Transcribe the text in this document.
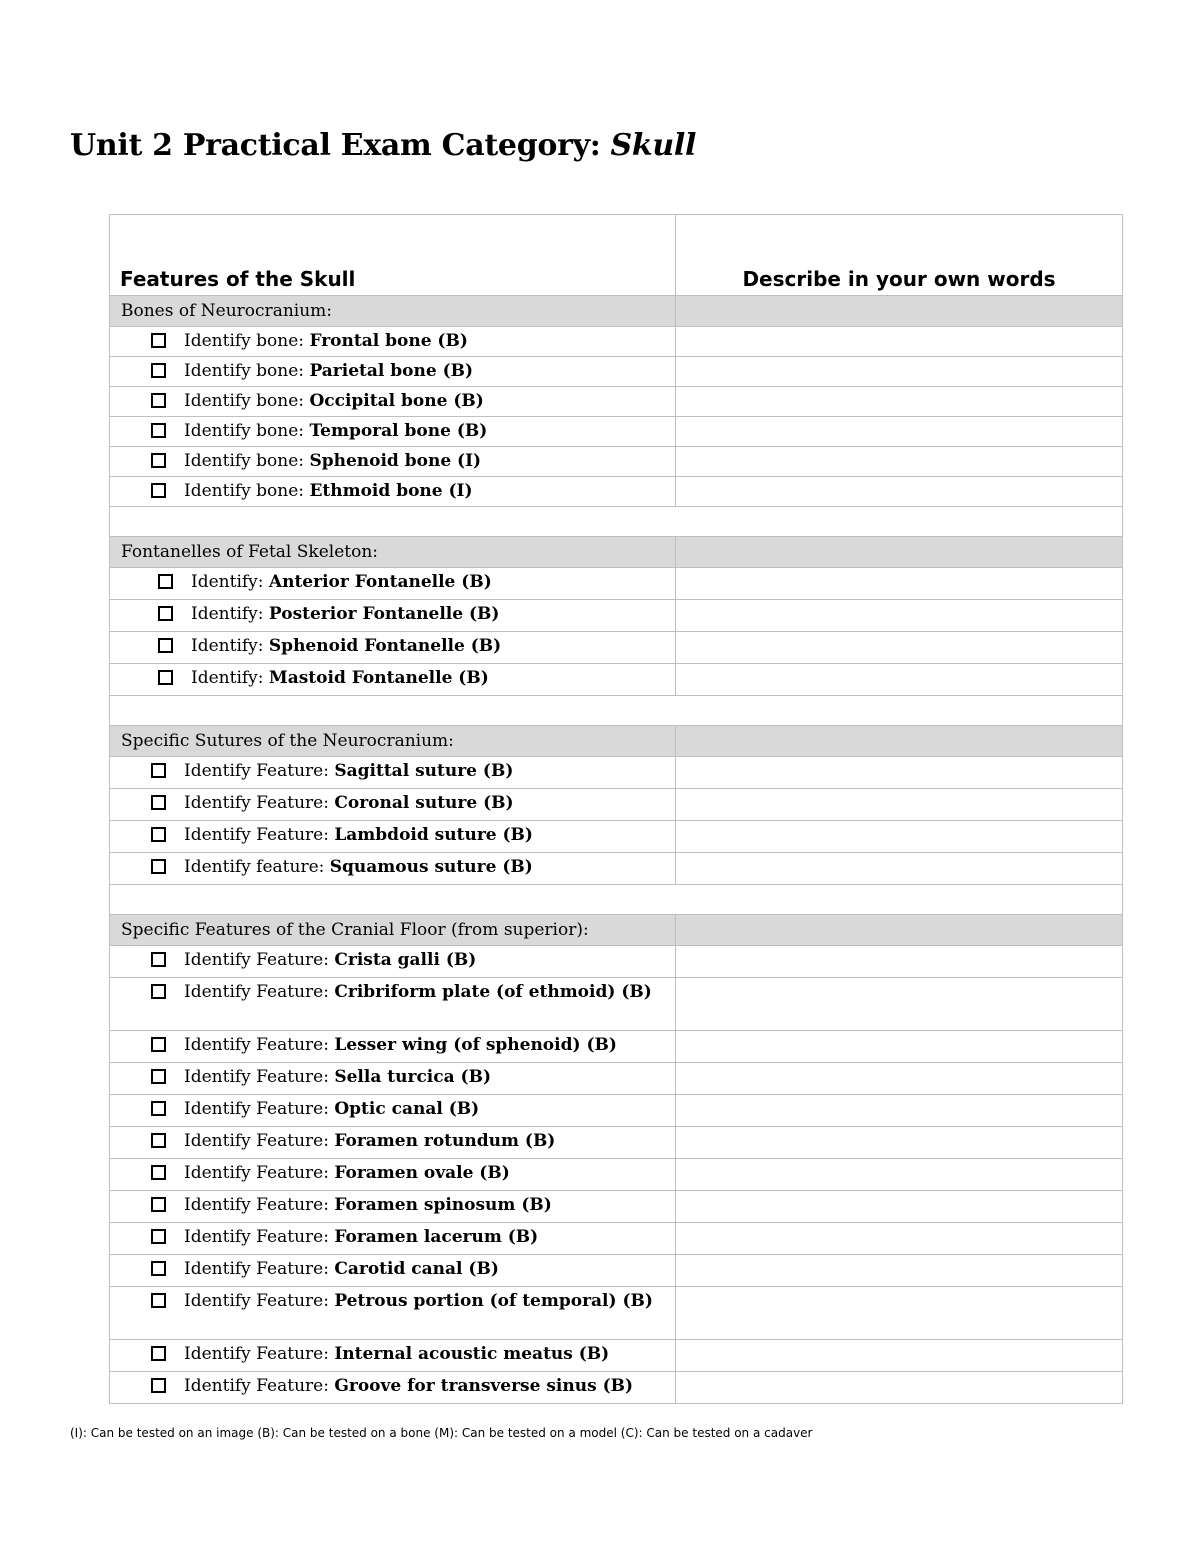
Unit 2 Practical Exam Category: Skull
Features of the Skull	Describe in your own words

Bones of Neurocranium:	

Identify bone: Frontal bone (B)	

Identify bone: Parietal bone (B)	

Identify bone: Occipital bone (B)	

Identify bone: Temporal bone (B)	

Identify bone: Sphenoid bone (I)	

Identify bone: Ethmoid bone (I)	

Fontanelles of Fetal Skeleton:	

Identify: Anterior Fontanelle (B)	

Identify: Posterior Fontanelle (B)	

Identify: Sphenoid Fontanelle (B)	

Identify: Mastoid Fontanelle (B)	

Specific Sutures of the Neurocranium:	

Identify Feature: Sagittal suture (B)	

Identify Feature: Coronal suture (B)	

Identify Feature: Lambdoid suture (B)	

Identify feature: Squamous suture (B)	

Specific Features of the Cranial Floor (from superior):	

Identify Feature: Crista galli (B)	

Identify Feature: Cribriform plate (of ethmoid) (B)	

Identify Feature: Lesser wing (of sphenoid) (B)	

Identify Feature: Sella turcica (B)	

Identify Feature: Optic canal (B)	

Identify Feature: Foramen rotundum (B)	

Identify Feature: Foramen ovale (B)	

Identify Feature: Foramen spinosum (B)	

Identify Feature: Foramen lacerum (B)	

Identify Feature: Carotid canal (B)	

Identify Feature: Petrous portion (of temporal) (B)	

Identify Feature: Internal acoustic meatus (B)	

Identify Feature: Groove for transverse sinus (B)	

(I): Can be tested on an image (B): Can be tested on a bone (M): Can be tested on a model (C): Can be tested on a cadaver
